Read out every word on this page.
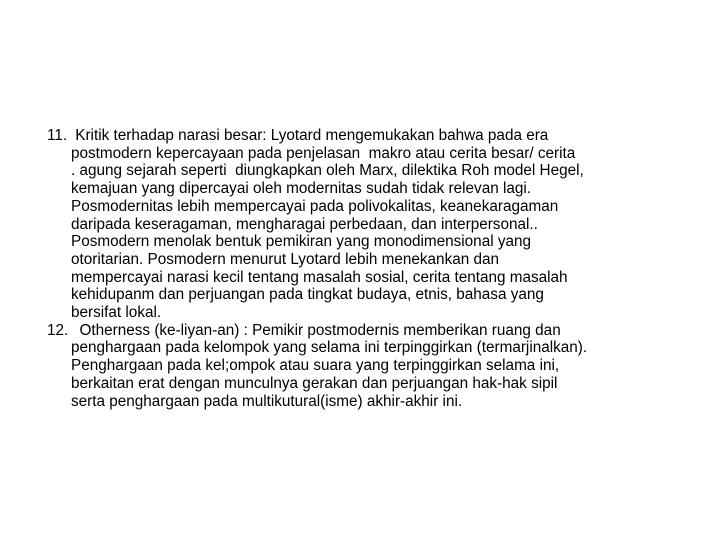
11. Kritik terhadap narasi besar: Lyotard mengemukakan bahwa pada era
postmodern kepercayaan pada penjelasan  makro atau cerita besar/ cerita
. agung sejarah seperti  diungkapkan oleh Marx, dilektika Roh model Hegel,
kemajuan yang dipercayai oleh modernitas sudah tidak relevan lagi.
Posmodernitas lebih mempercayai pada polivokalitas, keanekaragaman
daripada keseragaman, mengharagai perbedaan, dan interpersonal..
Posmodern menolak bentuk pemikiran yang monodimensional yang
otoritarian. Posmodern menurut Lyotard lebih menekankan dan
mempercayai narasi kecil tentang masalah sosial, cerita tentang masalah
kehidupanm dan perjuangan pada tingkat budaya, etnis, bahasa yang
bersifat lokal.
12. Otherness (ke-liyan-an) : Pemikir postmodernis memberikan ruang dan
penghargaan pada kelompok yang selama ini terpinggirkan (termarjinalkan).
Penghargaan pada kel;ompok atau suara yang terpinggirkan selama ini,
berkaitan erat dengan munculnya gerakan dan perjuangan hak-hak sipil
serta penghargaan pada multikutural(isme) akhir-akhir ini.
